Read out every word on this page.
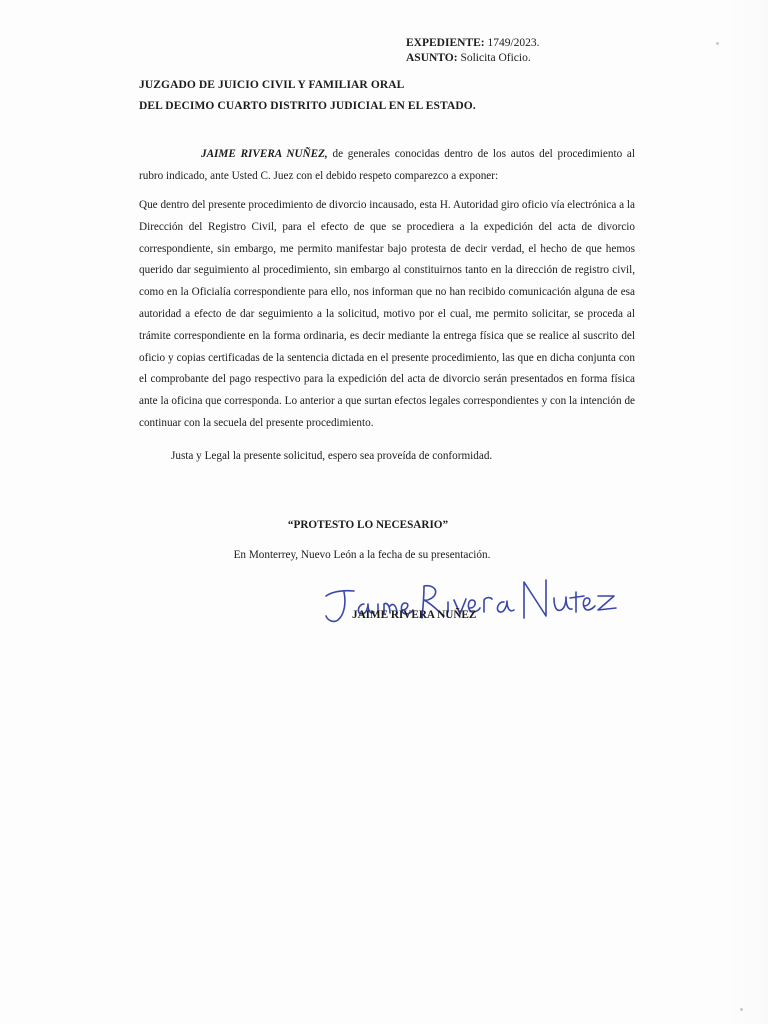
EXPEDIENTE: 1749/2023.
ASUNTO: Solicita Oficio.
JUZGADO DE JUICIO CIVIL Y FAMILIAR ORAL
DEL DECIMO CUARTO DISTRITO JUDICIAL EN EL ESTADO.
JAIME RIVERA NUÑEZ, de generales conocidas dentro de los autos del procedimiento al rubro indicado, ante Usted C. Juez con el debido respeto comparezco a exponer:
Que dentro del presente procedimiento de divorcio incausado, esta H. Autoridad giro oficio vía electrónica a la Dirección del Registro Civil, para el efecto de que se procediera a la expedición del acta de divorcio correspondiente, sin embargo, me permito manifestar bajo protesta de decir verdad, el hecho de que hemos querido dar seguimiento al procedimiento, sin embargo al constituirnos tanto en la dirección de registro civil, como en la Oficialía correspondiente para ello, nos informan que no han recibido comunicación alguna de esa autoridad a efecto de dar seguimiento a la solicitud, motivo por el cual, me permito solicitar, se proceda al trámite correspondiente en la forma ordinaria, es decir mediante la entrega física que se realice al suscrito del oficio y copias certificadas de la sentencia dictada en el presente procedimiento, las que en dicha conjunta con el comprobante del pago respectivo para la expedición del acta de divorcio serán presentados en forma física ante la oficina que corresponda. Lo anterior a que surtan efectos legales correspondientes y con la intención de continuar con la secuela del presente procedimiento.
Justa y Legal la presente solicitud, espero sea proveída de conformidad.
“PROTESTO LO NECESARIO”
En Monterrey, Nuevo León a la fecha de su presentación.
JAIME RIVERA NUÑEZ
